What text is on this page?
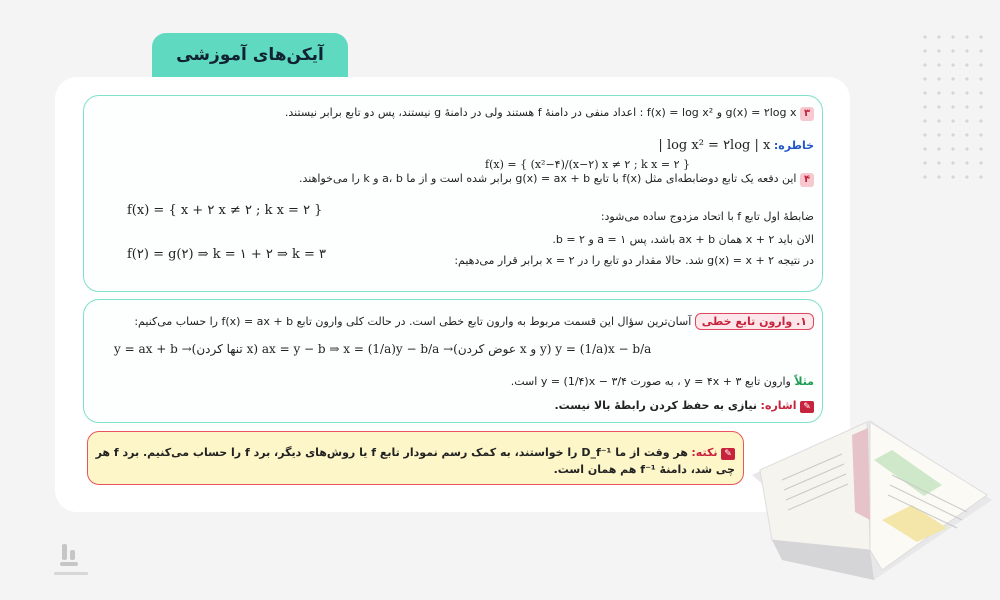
آیکن‌های آموزشی
۳ g(x) = ۲log x و f(x) = log x² : اعداد منفی در دامنهٔ f هستند ولی در دامنهٔ g نیستند، پس دو تابع برابر نیستند.
خاطره: log x² = ۲log | x |
۴ این دفعه یک تابع دوضابطه‌ای مثل f(x) با تابع g(x) = ax + b برابر شده است و از ما a، b و k را می‌خواهند.
f(x) = { (x²−۴)/(x−۲) x ≠ ۲ ; k x = ۲ }
ضابطهٔ اول تابع f با اتحاد مزدوج ساده می‌شود:
الان باید x + ۲ همان ax + b باشد، پس a = ۱ و b = ۲.
در نتیجه g(x) = x + ۲ شد. حالا مقدار دو تابع را در x = ۲ برابر قرار می‌دهیم:
f(x) = { x + ۲ x ≠ ۲ ; k x = ۲ }
f(۲) = g(۲) ⇒ k = ۱ + ۲ ⇒ k = ۳
۱. وارون تابع خطی آسان‌ترین سؤال این قسمت مربوط به وارون تابع خطی است. در حالت کلی وارون تابع f(x) = ax + b را حساب می‌کنیم:
y = ax + b →(تنها کردن x) ax = y − b ⇒ x = (1/a)y − b/a →(عوض کردن x و y) y = (1/a)x − b/a
مثلاً وارون تابع y = ۴x + ۳ ، به صورت y = (1/۴)x − ۳/۴ است.
✎ اشاره: نیازی به حفظ کردن رابطهٔ بالا نیست.
✎ نکته: هر وقت از ما D_f⁻¹ را خواستند، به کمک رسم نمودار تابع f یا روش‌های دیگر، برد f را حساب می‌کنیم. برد f هر چی شد، دامنهٔ f⁻¹ هم همان است.
